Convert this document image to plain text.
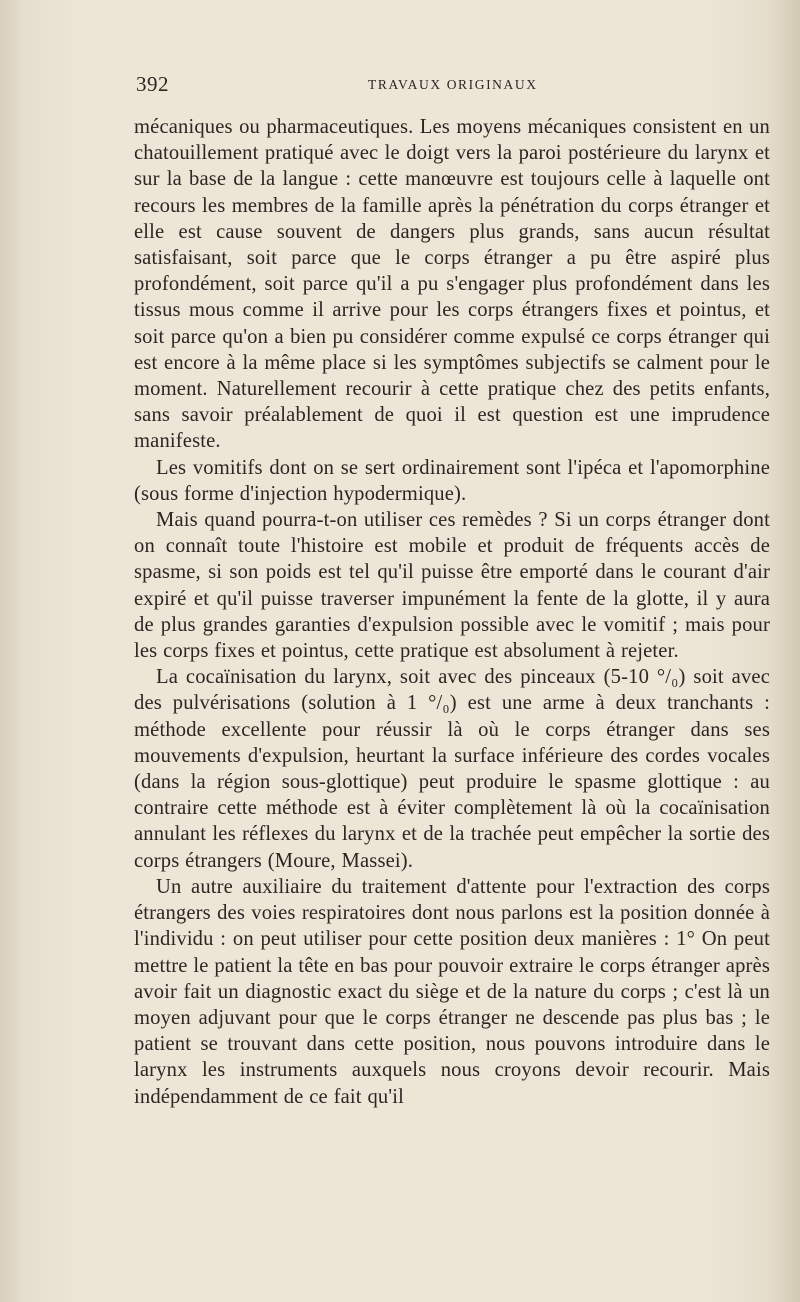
392	TRAVAUX ORIGINAUX

mécaniques ou pharmaceutiques. Les moyens mécaniques consistent en un chatouillement pratiqué avec le doigt vers la paroi postérieure du larynx et sur la base de la langue : cette manœuvre est toujours celle à laquelle ont recours les membres de la famille après la pénétration du corps étranger et elle est cause souvent de dangers plus grands, sans aucun résultat satisfaisant, soit parce que le corps étranger a pu être aspiré plus profondément, soit parce qu'il a pu s'engager plus profondément dans les tissus mous comme il arrive pour les corps étrangers fixes et pointus, et soit parce qu'on a bien pu considérer comme expulsé ce corps étranger qui est encore à la même place si les symptômes subjectifs se calment pour le moment. Naturellement recourir à cette pratique chez des petits enfants, sans savoir préalablement de quoi il est question est une imprudence manifeste.

Les vomitifs dont on se sert ordinairement sont l'ipéca et l'apomorphine (sous forme d'injection hypodermique).

Mais quand pourra-t-on utiliser ces remèdes ? Si un corps étranger dont on connaît toute l'histoire est mobile et produit de fréquents accès de spasme, si son poids est tel qu'il puisse être emporté dans le courant d'air expiré et qu'il puisse traverser impunément la fente de la glotte, il y aura de plus grandes garanties d'expulsion possible avec le vomitif ; mais pour les corps fixes et pointus, cette pratique est absolument à rejeter.

La cocaïnisation du larynx, soit avec des pinceaux (5-10 °/₀) soit avec des pulvérisations (solution à 1 °/₀) est une arme à deux tranchants : méthode excellente pour réussir là où le corps étranger dans ses mouvements d'expulsion, heurtant la surface inférieure des cordes vocales (dans la région sous-glottique) peut produire le spasme glottique : au contraire cette méthode est à éviter complètement là où la cocaïnisation annulant les réflexes du larynx et de la trachée peut empêcher la sortie des corps étrangers (Moure, Massei).

Un autre auxiliaire du traitement d'attente pour l'extraction des corps étrangers des voies respiratoires dont nous parlons est la position donnée à l'individu : on peut utiliser pour cette position deux manières : 1° On peut mettre le patient la tête en bas pour pouvoir extraire le corps étranger après avoir fait un diagnostic exact du siège et de la nature du corps ; c'est là un moyen adjuvant pour que le corps étranger ne descende pas plus bas ; le patient se trouvant dans cette position, nous pouvons introduire dans le larynx les instruments auxquels nous croyons devoir recourir. Mais indépendamment de ce fait qu'il
